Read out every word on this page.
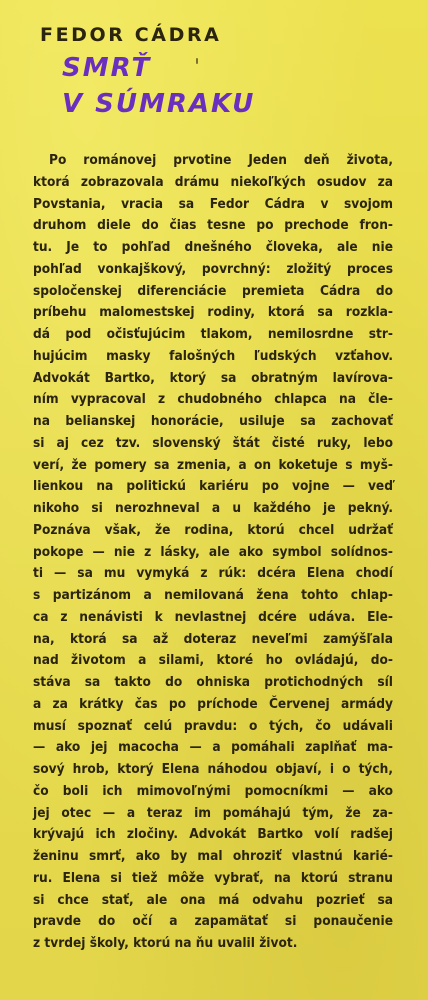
FEDOR CÁDRA
SMRŤ
V SÚMRAKU
Po románovej prvotine Jeden deň života,
ktorá zobrazovala drámu niekoľkých osudov za
Povstania, vracia sa Fedor Cádra v svojom
druhom diele do čias tesne po prechode fron-
tu. Je to pohľad dnešného človeka, ale nie
pohľad vonkajškový, povrchný: zložitý proces
spoločenskej diferenciácie premieta Cádra do
príbehu malomestskej rodiny, ktorá sa rozkla-
dá pod očisťujúcim tlakom, nemilosrdne str-
hujúcim masky falošných ľudských vzťahov.
Advokát Bartko, ktorý sa obratným lavírova-
ním vypracoval z chudobného chlapca na čle-
na belianskej honorácie, usiluje sa zachovať
si aj cez tzv. slovenský štát čisté ruky, lebo
verí, že pomery sa zmenia, a on koketuje s myš-
lienkou na politickú kariéru po vojne — veď
nikoho si nerozhneval a u každého je pekný.
Poznáva však, že rodina, ktorú chcel udržať
pokope — nie z lásky, ale ako symbol solídnos-
ti — sa mu vymyká z rúk: dcéra Elena chodí
s partizánom a nemilovaná žena tohto chlap-
ca z nenávisti k nevlastnej dcére udáva. Ele-
na, ktorá sa až doteraz neveľmi zamýšľala
nad životom a silami, ktoré ho ovládajú, do-
stáva sa takto do ohniska protichodných síl
a za krátky čas po príchode Červenej armády
musí spoznať celú pravdu: o tých, čo udávali
— ako jej macocha — a pomáhali zaplňať ma-
sový hrob, ktorý Elena náhodou objaví, i o tých,
čo boli ich mimovoľnými pomocníkmi — ako
jej otec — a teraz im pomáhajú tým, že za-
krývajú ich zločiny. Advokát Bartko volí radšej
ženinu smrť, ako by mal ohroziť vlastnú karié-
ru. Elena si tiež môže vybrať, na ktorú stranu
si chce stať, ale ona má odvahu pozrieť sa
pravde do očí a zapamätať si ponaučenie
z tvrdej školy, ktorú na ňu uvalil život.
